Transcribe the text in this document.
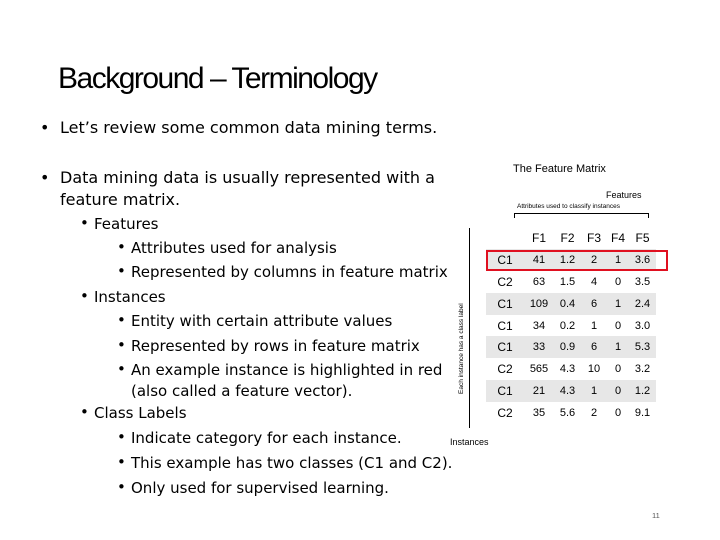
Background – Terminology
• Let’s review some common data mining terms.
• Data mining data is usually represented with a
feature matrix.
• Features
• Attributes used for analysis
• Represented by columns in feature matrix
• Instances
• Entity with certain attribute values
• Represented by rows in feature matrix
• An example instance is highlighted in red
(also called a feature vector).
• Class Labels
• Indicate category for each instance.
• This example has two classes (C1 and C2).
• Only used for supervised learning.
The Feature Matrix
Features
Attributes used to classify instances
Each instance has a class label
Instances
	F1	F2	F3	F4	F5
C1	41	1.2	2	1	3.6
C2	63	1.5	4	0	3.5
C1	109	0.4	6	1	2.4
C1	34	0.2	1	0	3.0
C1	33	0.9	6	1	5.3
C2	565	4.3	10	0	3.2
C1	21	4.3	1	0	1.2
C2	35	5.6	2	0	9.1
11
